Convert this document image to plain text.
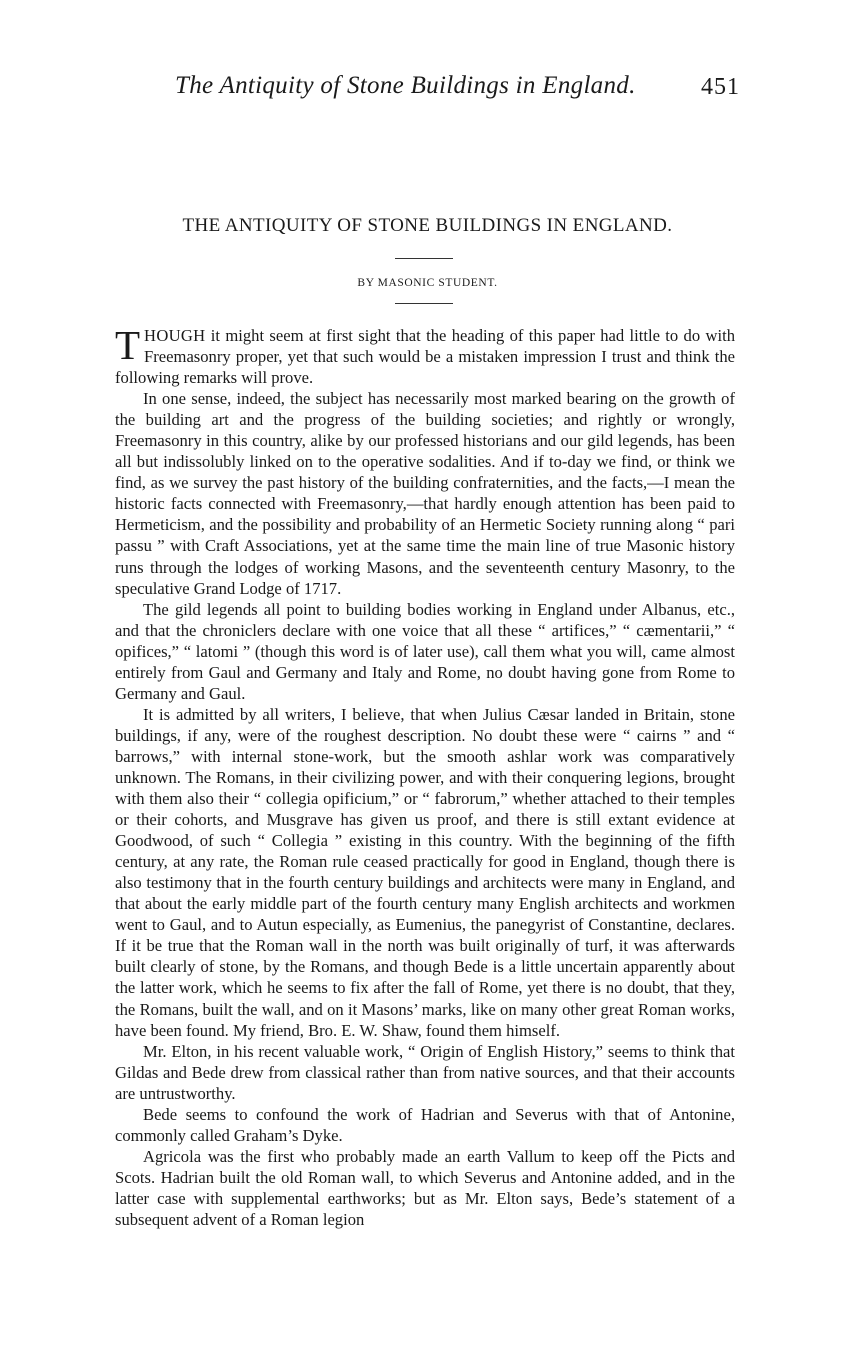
The Antiquity of Stone Buildings in England.	451
THE ANTIQUITY OF STONE BUILDINGS IN ENGLAND.
BY MASONIC STUDENT.

THOUGH it might seem at first sight that the heading of this paper had little to do with Freemasonry proper, yet that such would be a mistaken impression I trust and think the following remarks will prove.

In one sense, indeed, the subject has necessarily most marked bearing on the growth of the building art and the progress of the building societies; and rightly or wrongly, Freemasonry in this country, alike by our professed historians and our gild legends, has been all but indissolubly linked on to the operative sodalities. And if to-day we find, or think we find, as we survey the past history of the building confraternities, and the facts,—I mean the historic facts connected with Freemasonry,—that hardly enough attention has been paid to Hermeticism, and the possibility and probability of an Hermetic Society running along “ pari passu ” with Craft Associations, yet at the same time the main line of true Masonic history runs through the lodges of working Masons, and the seventeenth century Masonry, to the speculative Grand Lodge of 1717.

The gild legends all point to building bodies working in England under Albanus, etc., and that the chroniclers declare with one voice that all these “ artifices,” “ cæmentarii,” “ opifices,” “ latomi ” (though this word is of later use), call them what you will, came almost entirely from Gaul and Germany and Italy and Rome, no doubt having gone from Rome to Germany and Gaul.

It is admitted by all writers, I believe, that when Julius Cæsar landed in Britain, stone buildings, if any, were of the roughest description. No doubt these were “ cairns ” and “ barrows,” with internal stone-work, but the smooth ashlar work was comparatively unknown. The Romans, in their civilizing power, and with their conquering legions, brought with them also their “ collegia opificium,” or “ fabrorum,” whether attached to their temples or their cohorts, and Musgrave has given us proof, and there is still extant evidence at Goodwood, of such “ Collegia ” existing in this country. With the beginning of the fifth century, at any rate, the Roman rule ceased practically for good in England, though there is also testimony that in the fourth century buildings and architects were many in England, and that about the early middle part of the fourth century many English architects and workmen went to Gaul, and to Autun especially, as Eumenius, the panegyrist of Constantine, declares. If it be true that the Roman wall in the north was built originally of turf, it was afterwards built clearly of stone, by the Romans, and though Bede is a little uncertain apparently about the latter work, which he seems to fix after the fall of Rome, yet there is no doubt, that they, the Romans, built the wall, and on it Masons’ marks, like on many other great Roman works, have been found. My friend, Bro. E. W. Shaw, found them himself.

Mr. Elton, in his recent valuable work, “ Origin of English History,” seems to think that Gildas and Bede drew from classical rather than from native sources, and that their accounts are untrustworthy.

Bede seems to confound the work of Hadrian and Severus with that of Antonine, commonly called Graham’s Dyke.

Agricola was the first who probably made an earth Vallum to keep off the Picts and Scots. Hadrian built the old Roman wall, to which Severus and Antonine added, and in the latter case with supplemental earthworks; but as Mr. Elton says, Bede’s statement of a subsequent advent of a Roman legion
